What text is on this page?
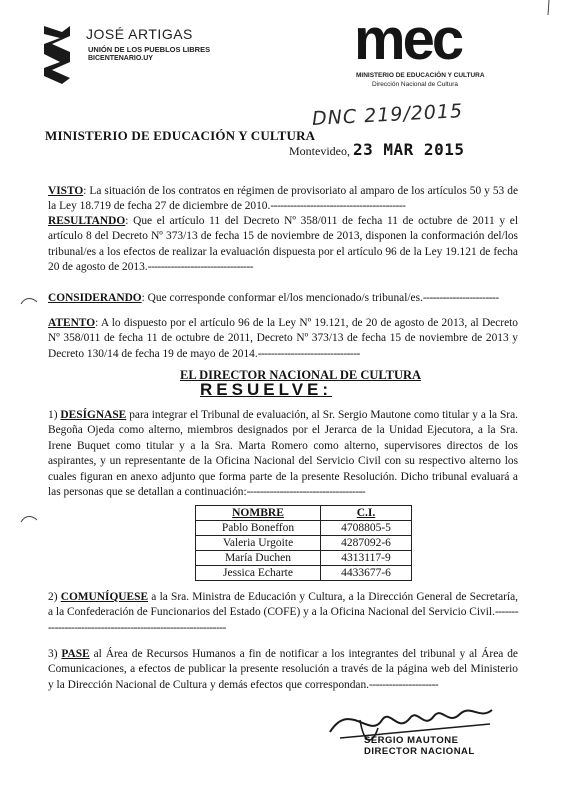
JOSÉ ARTIGAS
UNIÓN DE LOS PUEBLOS LIBRES
BICENTENARIO.UY	mec
MINISTERIO DE EDUCACIÓN Y CULTURA
Dirección Nacional de Cultura
MINISTERIO DE EDUCACIÓN Y CULTURA
DNC 219/2015
Montevideo, 23 MAR 2015
VISTO: La situación de los contratos en régimen de provisoriato al amparo de los artículos 50 y 53 de la Ley 18.719 de fecha 27 de diciembre de 2010.-----------------------------------------
RESULTANDO: Que el artículo 11 del Decreto Nº 358/011 de fecha 11 de octubre de 2011 y el artículo 8 del Decreto Nº 373/13 de fecha 15 de noviembre de 2013, disponen la conformación del/los tribunal/es a los efectos de realizar la evaluación dispuesta por el artículo 96 de la Ley 19.121 de fecha 20 de agosto de 2013.--------------------------------
CONSIDERANDO: Que corresponde conformar el/los mencionado/s tribunal/es.-----------------------
ATENTO: A lo dispuesto por el artículo 96 de la Ley Nº 19.121, de 20 de agosto de 2013, al Decreto Nº 358/011 de fecha 11 de octubre de 2011, Decreto Nº 373/13 de fecha 15 de noviembre de 2013 y Decreto 130/14 de fecha 19 de mayo de 2014.-------------------------------
EL DIRECTOR NACIONAL DE CULTURA
RESUELVE:
1) DESÍGNASE para integrar el Tribunal de evaluación, al Sr. Sergio Mautone como titular y a la Sra. Begoña Ojeda como alterno, miembros designados por el Jerarca de la Unidad Ejecutora, a la Sra. Irene Buquet como titular y a la Sra. Marta Romero como alterno, supervisores directos de los aspirantes, y un representante de la Oficina Nacional del Servicio Civil con su respectivo alterno los cuales figuran en anexo adjunto que forma parte de la presente Resolución. Dicho tribunal evaluará a las personas que se detallan a continuación:------------------------------------
NOMBRE	C.I.
Pablo Boneffon	4708805-5
Valeria Urgoite	4287092-6
María Duchen	4313117-9
Jessica Echarte	4433677-6
2) COMUNÍQUESE a la Sra. Ministra de Educación y Cultura, a la Dirección General de Secretaría, a la Confederación de Funcionarios del Estado (COFE) y a la Oficina Nacional del Servicio Civil.-------------------------------------------------------------
3) PASE al Área de Recursos Humanos a fin de notificar a los integrantes del tribunal y al Área de Comunicaciones, a efectos de publicar la presente resolución a través de la página web del Ministerio y la Dirección Nacional de Cultura y demás efectos que correspondan.---------------------
SERGIO MAUTONE
DIRECTOR NACIONAL
